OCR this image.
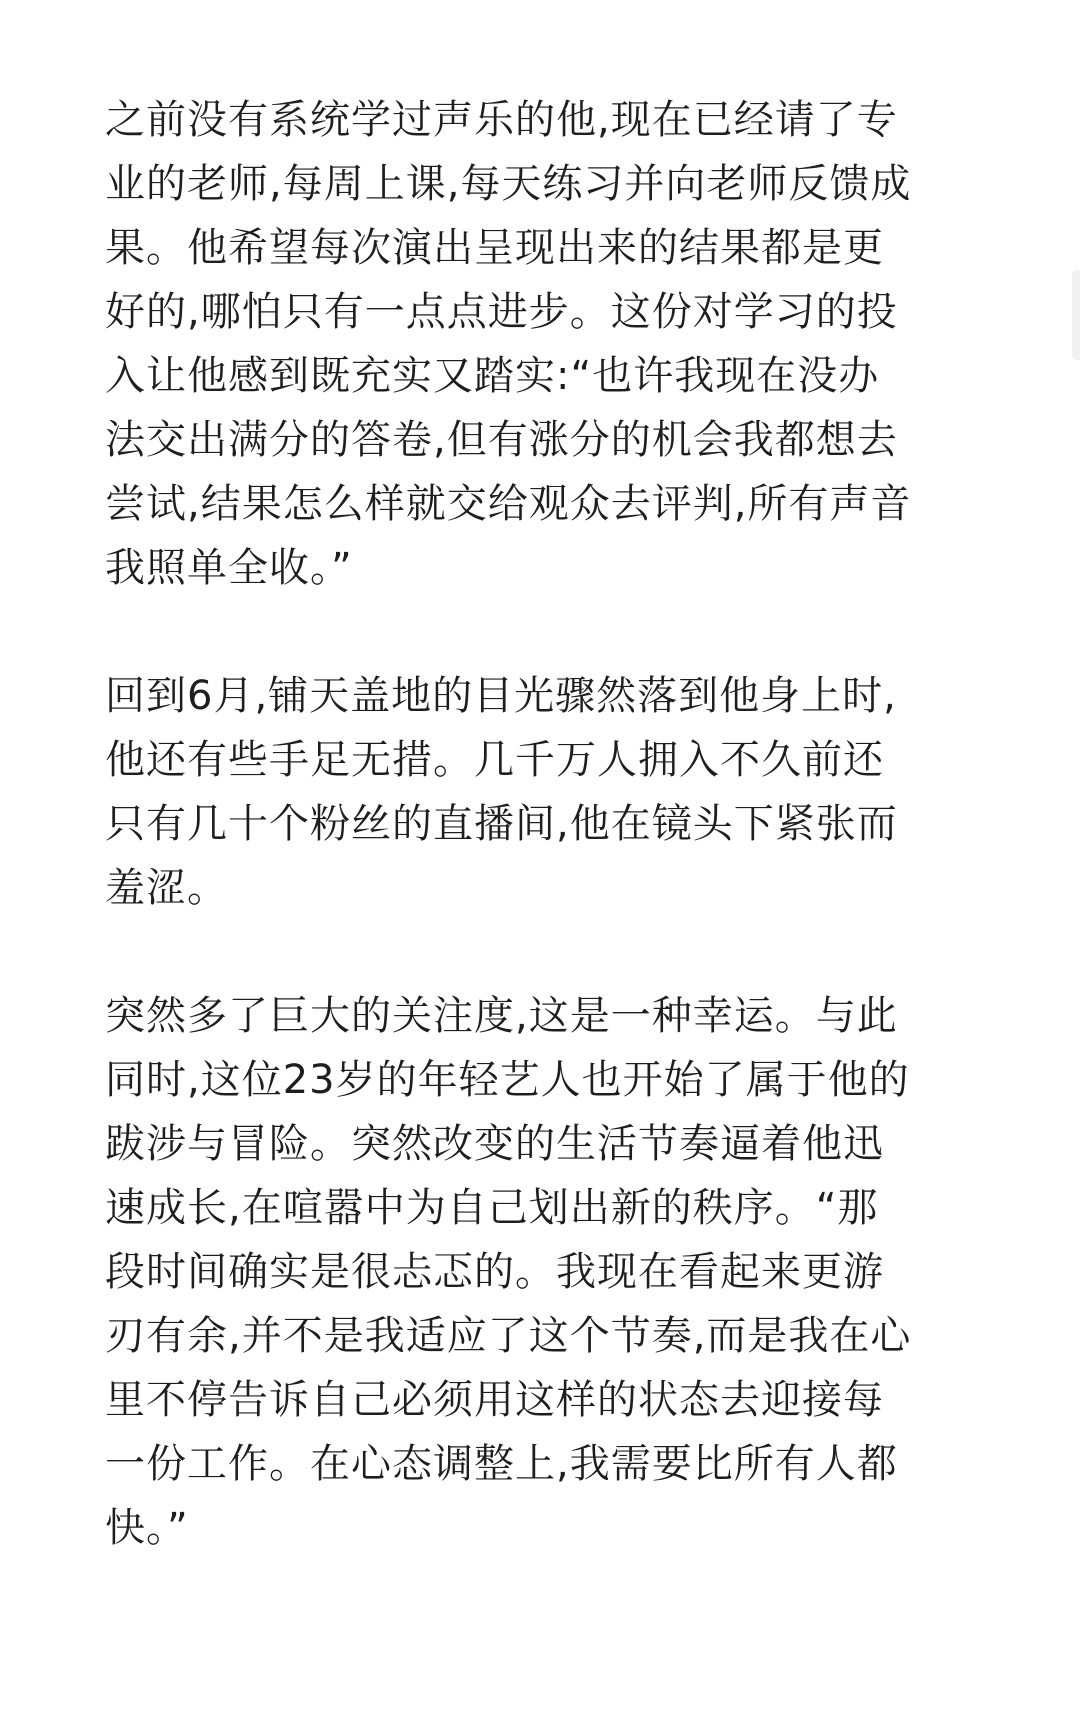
之前没有系统学过声乐的他,现在已经请了专
业的老师,每周上课,每天练习并向老师反馈成
果。他希望每次演出呈现出来的结果都是更
好的,哪怕只有一点点进步。这份对学习的投
入让他感到既充实又踏实:“也许我现在没办
法交出满分的答卷,但有涨分的机会我都想去
尝试,结果怎么样就交给观众去评判,所有声音
我照单全收。”

回到6月,铺天盖地的目光骤然落到他身上时,
他还有些手足无措。几千万人拥入不久前还
只有几十个粉丝的直播间,他在镜头下紧张而
羞涩。

突然多了巨大的关注度,这是一种幸运。与此
同时,这位23岁的年轻艺人也开始了属于他的
跋涉与冒险。突然改变的生活节奏逼着他迅
速成长,在喧嚣中为自己划出新的秩序。“那
段时间确实是很忐忑的。我现在看起来更游
刃有余,并不是我适应了这个节奏,而是我在心
里不停告诉自己必须用这样的状态去迎接每
一份工作。在心态调整上,我需要比所有人都
快。”
